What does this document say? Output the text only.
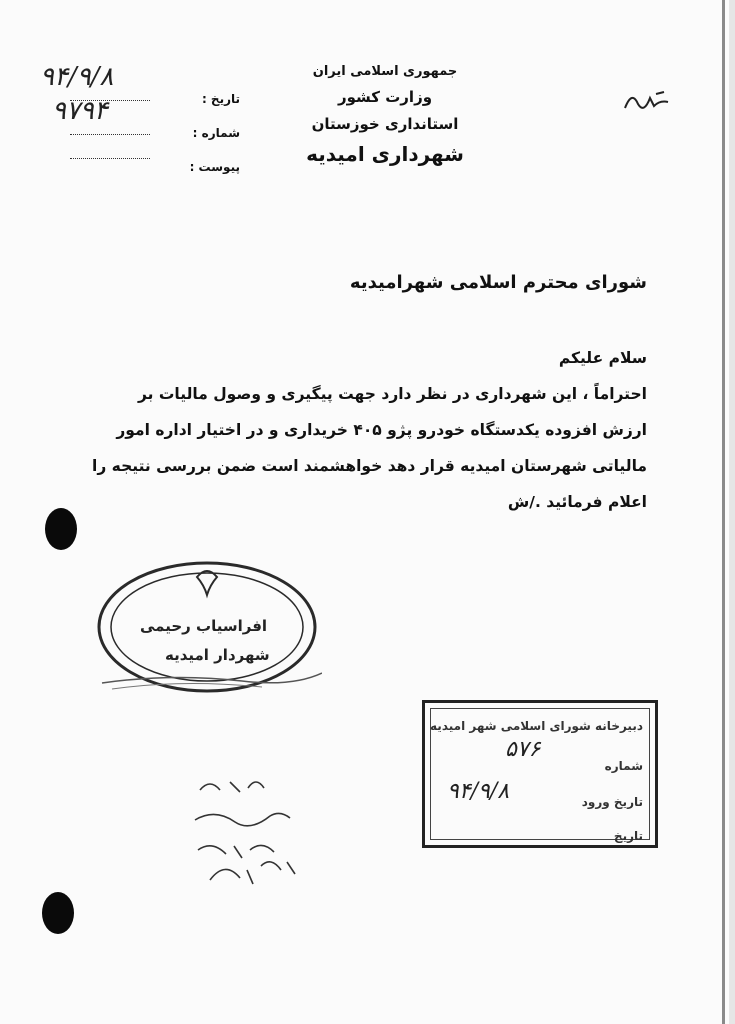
جمهوری اسلامی ایران
وزارت کشور
استانداری خوزستان
شهرداری امیدیه
تاریخ :
شماره :
پیوست :
۹۴/۹/۸
۹۷۹۴
شورای محترم اسلامی شهرامیدیه

سلام علیکم

احتراماً ، این شهرداری در نظر دارد جهت پیگیری و وصول مالیات بر

ارزش افزوده یکدستگاه خودرو پژو ۴۰۵ خریداری و در اختیار اداره امور

مالیاتی شهرستان امیدیه قرار دهد خواهشمند است ضمن بررسی نتیجه را

اعلام فرمائید ./ش

افراسیاب رحیمی
شهردار امیدیه
دبیرخانه شورای اسلامی شهر امیدیه
شماره
تاریخ ورود
تاریخ
۵۷۶
۹۴/۹/۸
